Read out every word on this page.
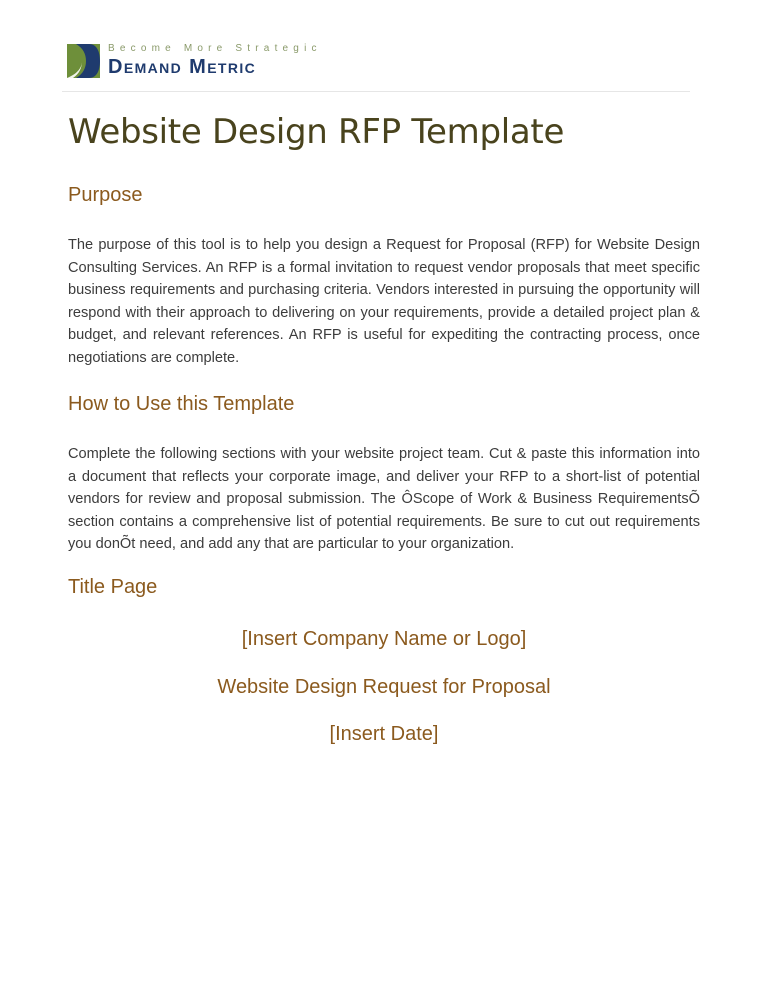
Become More Strategic
Demand Metric
Website Design RFP Template
Purpose
The purpose of this tool is to help you design a Request for Proposal (RFP) for Website Design Consulting Services. An RFP is a formal invitation to request vendor proposals that meet specific business requirements and purchasing criteria. Vendors interested in pursuing the opportunity will respond with their approach to delivering on your requirements, provide a detailed project plan & budget, and relevant references. An RFP is useful for expediting the contracting process, once negotiations are complete.
How to Use this Template
Complete the following sections with your website project team. Cut & paste this information into a document that reflects your corporate image, and deliver your RFP to a short-list of potential vendors for review and proposal submission. The ÔScope of Work & Business RequirementsÕ section contains a comprehensive list of potential requirements. Be sure to cut out requirements you donÕt need, and add any that are particular to your organization.
Title Page
[Insert Company Name or Logo]
Website Design Request for Proposal
[Insert Date]
